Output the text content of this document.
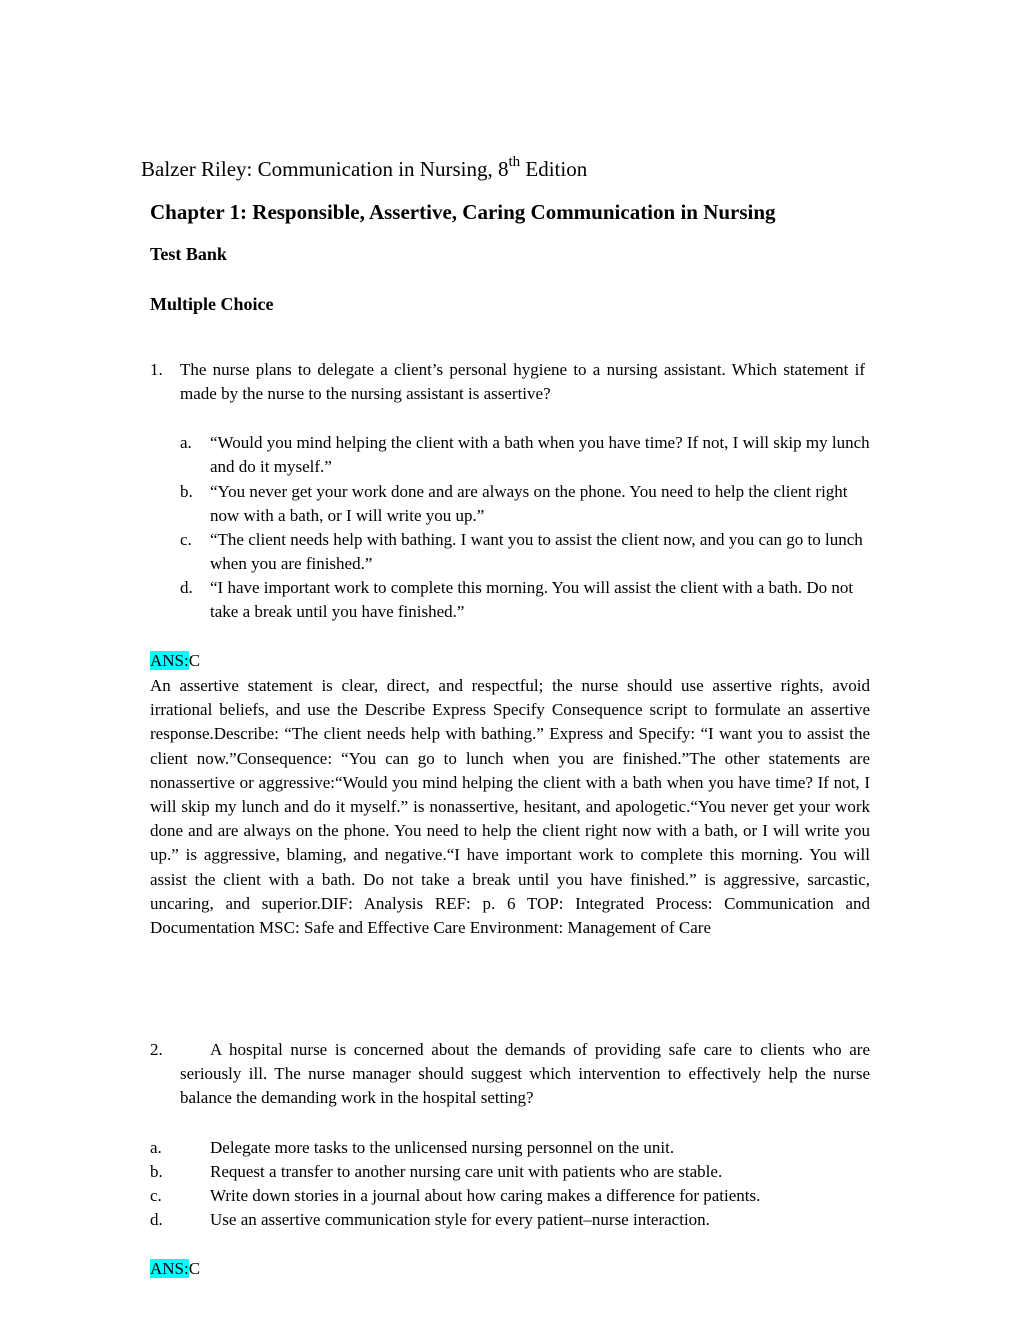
Balzer Riley: Communication in Nursing, 8th Edition
Chapter 1: Responsible, Assertive, Caring Communication in Nursing
Test Bank
Multiple Choice
1. The nurse plans to delegate a client’s personal hygiene to a nursing assistant. Which statement if made by the nurse to the nursing assistant is assertive?
a. “Would you mind helping the client with a bath when you have time? If not, I will skip my lunch and do it myself.”
b. “You never get your work done and are always on the phone. You need to help the client right now with a bath, or I will write you up.”
c. “The client needs help with bathing. I want you to assist the client now, and you can go to lunch when you are finished.”
d. “I have important work to complete this morning. You will assist the client with a bath. Do not take a break until you have finished.”
ANS:C
An assertive statement is clear, direct, and respectful; the nurse should use assertive rights, avoid irrational beliefs, and use the Describe Express Specify Consequence script to formulate an assertive response.Describe: “The client needs help with bathing.” Express and Specify: “I want you to assist the client now.”Consequence: “You can go to lunch when you are finished.”The other statements are nonassertive or aggressive:“Would you mind helping the client with a bath when you have time? If not, I will skip my lunch and do it myself.” is nonassertive, hesitant, and apologetic.“You never get your work done and are always on the phone. You need to help the client right now with a bath, or I will write you up.” is aggressive, blaming, and negative.“I have important work to complete this morning. You will assist the client with a bath. Do not take a break until you have finished.” is aggressive, sarcastic, uncaring, and superior.DIF: Analysis REF: p. 6 TOP: Integrated Process: Communication and Documentation MSC: Safe and Effective Care Environment: Management of Care
2.	A hospital nurse is concerned about the demands of providing safe care to clients who are seriously ill. The nurse manager should suggest which intervention to effectively help the nurse balance the demanding work in the hospital setting?
a.	Delegate more tasks to the unlicensed nursing personnel on the unit.
b.	Request a transfer to another nursing care unit with patients who are stable.
c.	Write down stories in a journal about how caring makes a difference for patients.
d.	Use an assertive communication style for every patient–nurse interaction.
ANS:C
